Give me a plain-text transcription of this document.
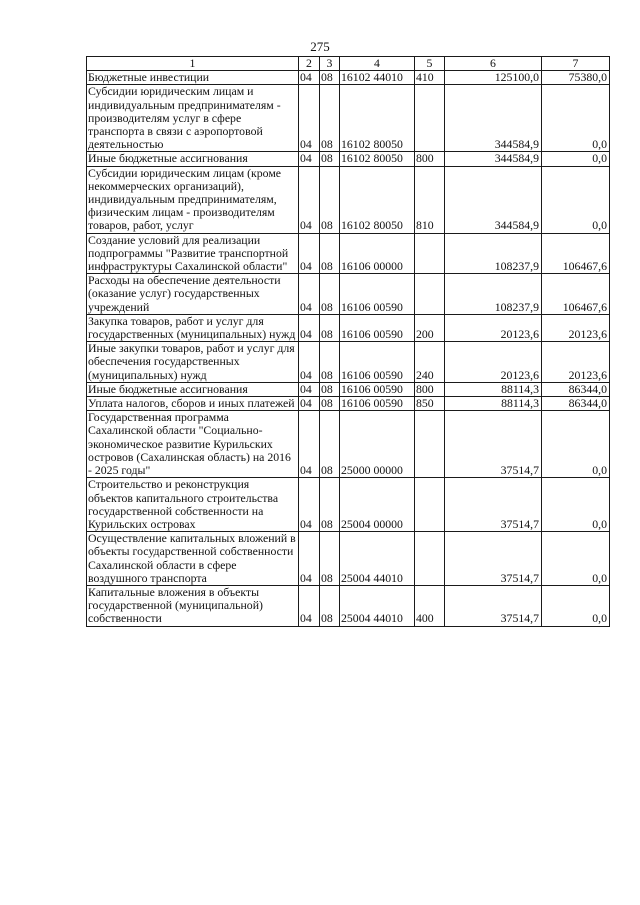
275
1	2	3	4	5	6	7
Бюджетные инвестиции	04	08	16102 44010	410	125100,0	75380,0
Субсидии юридическим лицам и индивидуальным предпринимателям - производителям услуг в сфере транспорта в связи с аэропортовой деятельностью	04	08	16102 80050		344584,9	0,0
Иные бюджетные ассигнования	04	08	16102 80050	800	344584,9	0,0
Субсидии юридическим лицам (кроме некоммерческих организаций), индивидуальным предпринимателям, физическим лицам - производителям товаров, работ, услуг	04	08	16102 80050	810	344584,9	0,0
Создание условий для реализации подпрограммы "Развитие транспортной инфраструктуры Сахалинской области"	04	08	16106 00000		108237,9	106467,6
Расходы на обеспечение деятельности (оказание услуг) государственных учреждений	04	08	16106 00590		108237,9	106467,6
Закупка товаров, работ и услуг для государственных (муниципальных) нужд	04	08	16106 00590	200	20123,6	20123,6
Иные закупки товаров, работ и услуг для обеспечения государственных (муниципальных) нужд	04	08	16106 00590	240	20123,6	20123,6
Иные бюджетные ассигнования	04	08	16106 00590	800	88114,3	86344,0
Уплата налогов, сборов и иных платежей	04	08	16106 00590	850	88114,3	86344,0
Государственная программа Сахалинской области "Социально-экономическое развитие Курильских островов (Сахалинская область) на 2016 - 2025 годы"	04	08	25000 00000		37514,7	0,0
Строительство и реконструкция объектов капитального строительства государственной собственности на Курильских островах	04	08	25004 00000		37514,7	0,0
Осуществление капитальных вложений в объекты государственной собственности Сахалинской области в сфере воздушного транспорта	04	08	25004 44010		37514,7	0,0
Капитальные вложения в объекты государственной (муниципальной) собственности	04	08	25004 44010	400	37514,7	0,0
